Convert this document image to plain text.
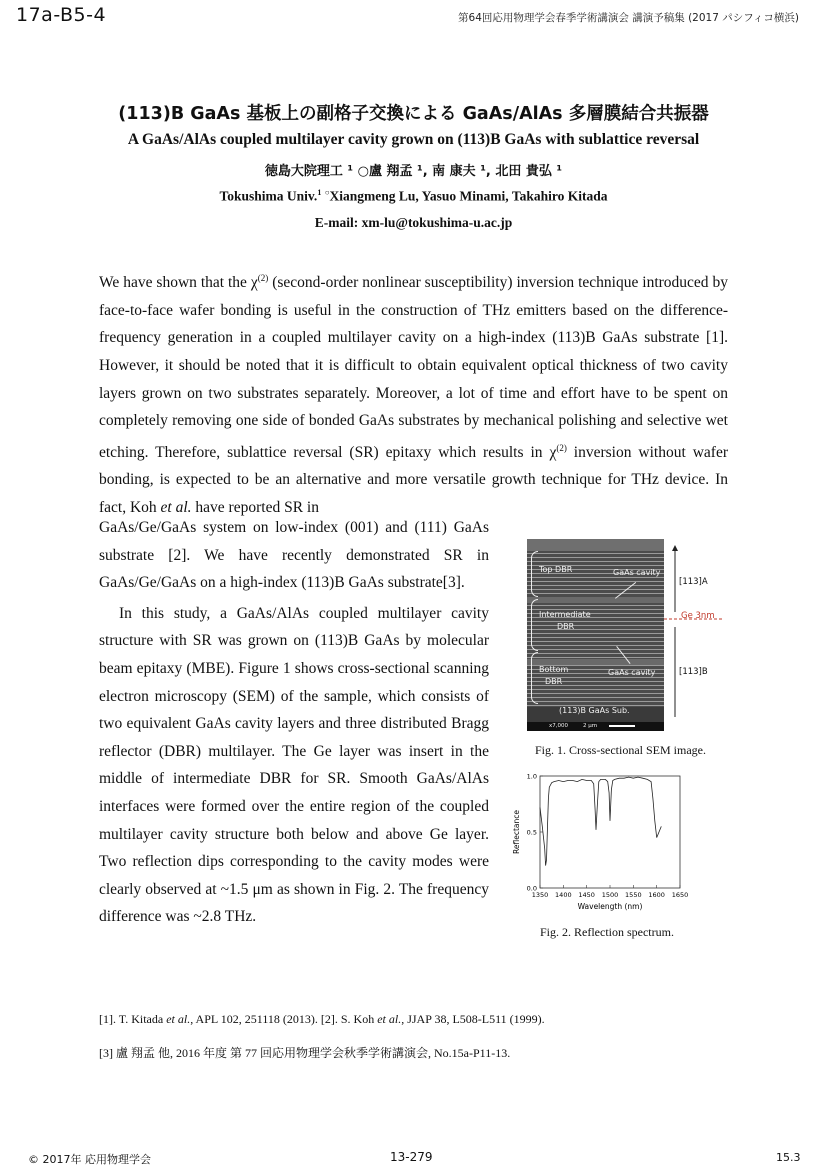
17a-B5-4	第64回応用物理学会春季学術講演会 講演予稿集 (2017 パシフィコ横浜)
(113)B GaAs 基板上の副格子交換による GaAs/AlAs 多層膜結合共振器
A GaAs/AlAs coupled multilayer cavity grown on (113)B GaAs with sublattice reversal
徳島大院理工 ¹ ○盧 翔孟 ¹, 南 康夫 ¹, 北田 貴弘 ¹
Tokushima Univ.$^1$ ○Xiangmeng Lu, Yasuo Minami, Takahiro Kitada
E-mail: xm-lu@tokushima-u.ac.jp

We have shown that the $\chi^{(2)}$ (second-order nonlinear susceptibility) inversion technique introduced by face-to-face wafer bonding is useful in the construction of THz emitters based on the difference-frequency generation in a coupled multilayer cavity on a high-index (113)B GaAs substrate [1]. However, it should be noted that it is difficult to obtain equivalent optical thickness of two cavity layers grown on two substrates separately. Moreover, a lot of time and effort have to be spent on completely removing one side of bonded GaAs substrates by mechanical polishing and selective wet etching. Therefore, sublattice reversal (SR) epitaxy which results in $\chi^{(2)}$ inversion without wafer bonding, is expected to be an alternative and more versatile growth technique for THz device. In fact, Koh et al. have reported SR in

GaAs/Ge/GaAs system on low-index (001) and (111) GaAs substrate [2]. We have recently demonstrated SR in GaAs/Ge/GaAs on a high-index (113)B GaAs substrate[3].

In this study, a GaAs/AlAs coupled multilayer cavity structure with SR was grown on (113)B GaAs by molecular beam epitaxy (MBE). Figure 1 shows cross-sectional scanning electron microscopy (SEM) of the sample, which consists of two equivalent GaAs cavity layers and three distributed Bragg reflector (DBR) multilayer. The Ge layer was insert in the middle of intermediate DBR for SR. Smooth GaAs/AlAs interfaces were formed over the entire region of the coupled multilayer cavity structure both below and above Ge layer. Two reflection dips corresponding to the cavity modes were clearly observed at ~1.5 μm as shown in Fig. 2. The frequency difference was ~2.8 THz.

Top DBR	GaAs cavity
Intermediate
DBR
Bottom
DBR
GaAs cavity
(113)B GaAs Sub.
x7,000	2 μm
[113]A
Ge 3nm
[113]B
Fig. 1. Cross-sectional SEM image.
1350 1400 1450 1500 1550 1600 1650
0.0
0.5
1.0
Wavelength (nm)
Reflectance
Fig. 2. Reflection spectrum.
[1]. T. Kitada et al., APL 102, 251118 (2013). [2]. S. Koh et al., JJAP 38, L508-L511 (1999).
[3] 盧 翔孟 他, 2016 年度 第 77 回応用物理学会秋季学術講演会, No.15a-P11-13.
© 2017年 応用物理学会	13-279	15.3
